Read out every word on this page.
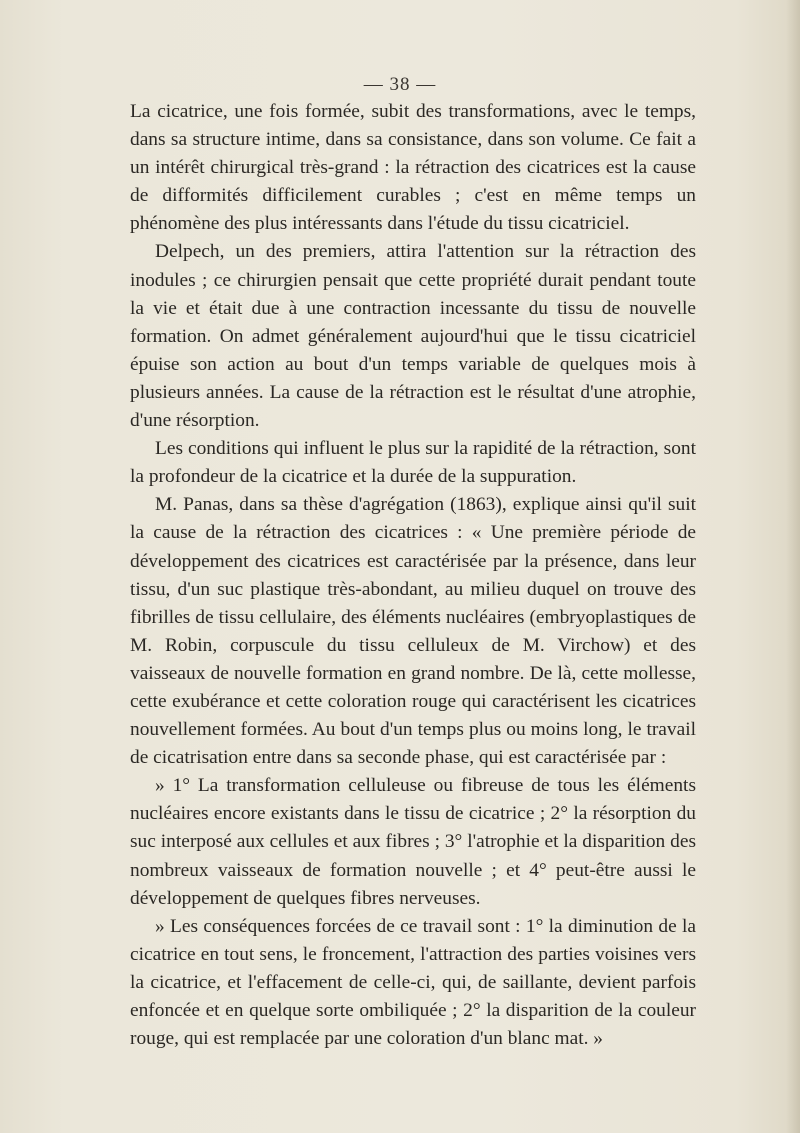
— 38 —

La cicatrice, une fois formée, subit des transformations, avec le temps, dans sa structure intime, dans sa consistance, dans son volume. Ce fait a un intérêt chirurgical très-grand : la rétraction des cicatrices est la cause de difformités difficilement curables ; c'est en même temps un phénomène des plus intéressants dans l'étude du tissu cicatriciel.

Delpech, un des premiers, attira l'attention sur la rétraction des inodules ; ce chirurgien pensait que cette propriété durait pendant toute la vie et était due à une contraction incessante du tissu de nouvelle formation. On admet généralement aujourd'hui que le tissu cicatriciel épuise son action au bout d'un temps variable de quelques mois à plusieurs années. La cause de la rétraction est le résultat d'une atrophie, d'une résorption.

Les conditions qui influent le plus sur la rapidité de la rétraction, sont la profondeur de la cicatrice et la durée de la suppuration.

M. Panas, dans sa thèse d'agrégation (1863), explique ainsi qu'il suit la cause de la rétraction des cicatrices : « Une première période de développement des cicatrices est caractérisée par la présence, dans leur tissu, d'un suc plastique très-abondant, au milieu duquel on trouve des fibrilles de tissu cellulaire, des éléments nucléaires (embryoplastiques de M. Robin, corpuscule du tissu celluleux de M. Virchow) et des vaisseaux de nouvelle formation en grand nombre. De là, cette mollesse, cette exubérance et cette coloration rouge qui caractérisent les cicatrices nouvellement formées. Au bout d'un temps plus ou moins long, le travail de cicatrisation entre dans sa seconde phase, qui est caractérisée par :

» 1° La transformation celluleuse ou fibreuse de tous les éléments nucléaires encore existants dans le tissu de cicatrice ; 2° la résorption du suc interposé aux cellules et aux fibres ; 3° l'atrophie et la disparition des nombreux vaisseaux de formation nouvelle ; et 4° peut-être aussi le développement de quelques fibres nerveuses.

» Les conséquences forcées de ce travail sont : 1° la diminution de la cicatrice en tout sens, le froncement, l'attraction des parties voisines vers la cicatrice, et l'effacement de celle-ci, qui, de saillante, devient parfois enfoncée et en quelque sorte ombiliquée ; 2° la disparition de la couleur rouge, qui est remplacée par une coloration d'un blanc mat. »
